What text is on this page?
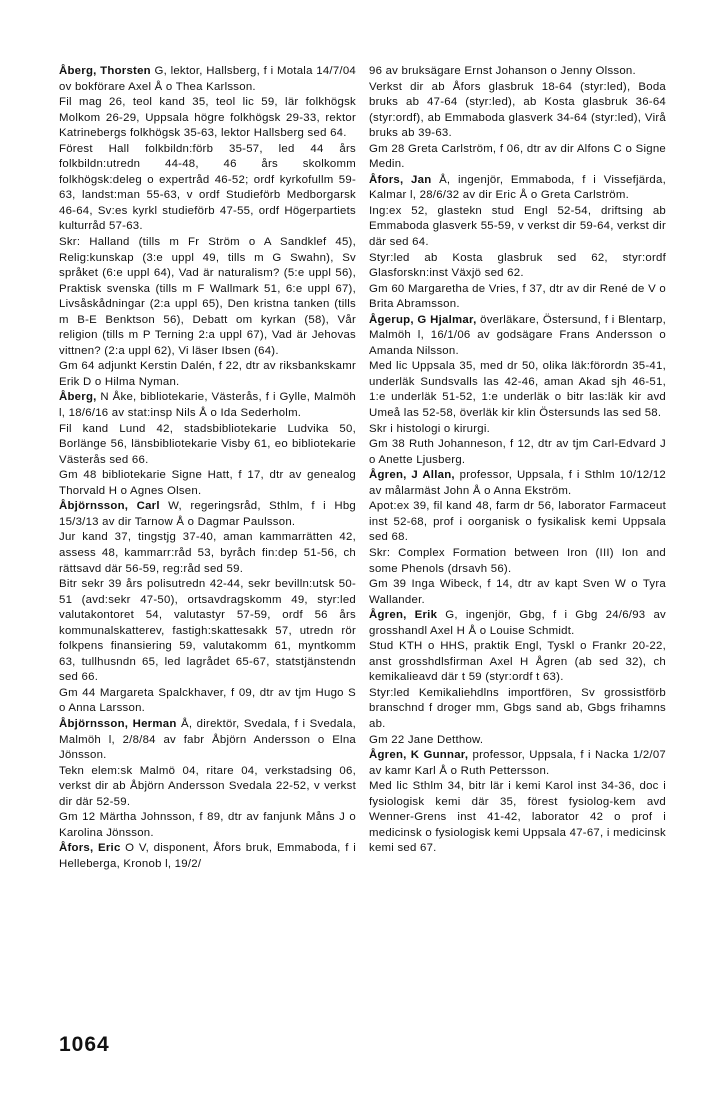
Åberg, Thorsten G, lektor, Hallsberg, f i Motala 14/7/04 ov bokförare Axel Å o Thea Karlsson.

Fil mag 26, teol kand 35, teol lic 59, lär folkhögsk Molkom 26-29, Uppsala högre folkhögsk 29-33, rektor Katrinebergs folkhögsk 35-63, lektor Hallsberg sed 64.

Förest Hall folkbildn:förb 35-57, led 44 års folkbildn:utredn 44-48, 46 års skolkomm folkhögsk:deleg o expertråd 46-52; ordf kyrkofullm 59-63, landst:man 55-63, v ordf Studieförb Medborgarsk 46-64, Sv:es kyrkl studieförb 47-55, ordf Högerpartiets kulturråd 57-63.

Skr: Halland (tills m Fr Ström o A Sandklef 45), Relig:kunskap (3:e uppl 49, tills m G Swahn), Sv språket (6:e uppl 64), Vad är naturalism? (5:e uppl 56), Praktisk svenska (tills m F Wallmark 51, 6:e uppl 67), Livsåskådningar (2:a uppl 65), Den kristna tanken (tills m B-E Benktson 56), Debatt om kyrkan (58), Vår religion (tills m P Terning 2:a uppl 67), Vad är Jehovas vittnen? (2:a uppl 62), Vi läser Ibsen (64).

Gm 64 adjunkt Kerstin Dalén, f 22, dtr av riksbankskamr Erik D o Hilma Nyman.

Åberg, N Åke, bibliotekarie, Västerås, f i Gylle, Malmöh l, 18/6/16 av stat:insp Nils Å o Ida Sederholm.

Fil kand Lund 42, stadsbibliotekarie Ludvika 50, Borlänge 56, länsbibliotekarie Visby 61, eo bibliotekarie Västerås sed 66.

Gm 48 bibliotekarie Signe Hatt, f 17, dtr av genealog Thorvald H o Agnes Olsen.

Åbjörnsson, Carl W, regeringsråd, Sthlm, f i Hbg 15/3/13 av dir Tarnow Å o Dagmar Paulsson.

Jur kand 37, tingstjg 37-40, aman kammarrätten 42, assess 48, kammarr:råd 53, byråch fin:dep 51-56, ch rättsavd där 56-59, reg:råd sed 59.

Bitr sekr 39 års polisutredn 42-44, sekr bevilln:utsk 50-51 (avd:sekr 47-50), ortsavdragskomm 49, styr:led valutakontoret 54, valutastyr 57-59, ordf 56 års kommunalskatterev, fastigh:skattesakk 57, utredn rör folkpens finansiering 59, valutakomm 61, myntkomm 63, tullhusndn 65, led lagrådet 65-67, statstjänstendn sed 66.

Gm 44 Margareta Spalckhaver, f 09, dtr av tjm Hugo S o Anna Larsson.

Åbjörnsson, Herman Å, direktör, Svedala, f i Svedala, Malmöh l, 2/8/84 av fabr Åbjörn Andersson o Elna Jönsson.

Tekn elem:sk Malmö 04, ritare 04, verkstadsing 06, verkst dir ab Åbjörn Andersson Svedala 22-52, v verkst dir där 52-59.

Gm 12 Märtha Johnsson, f 89, dtr av fanjunk Måns J o Karolina Jönsson.

Åfors, Eric O V, disponent, Åfors bruk, Emmaboda, f i Helleberga, Kronob l, 19/2/

96 av bruksägare Ernst Johanson o Jenny Olsson.

Verkst dir ab Åfors glasbruk 18-64 (styr:led), Boda bruks ab 47-64 (styr:led), ab Kosta glasbruk 36-64 (styr:ordf), ab Emmaboda glasverk 34-64 (styr:led), Virå bruks ab 39-63.

Gm 28 Greta Carlström, f 06, dtr av dir Alfons C o Signe Medin.

Åfors, Jan Å, ingenjör, Emmaboda, f i Vissefjärda, Kalmar l, 28/6/32 av dir Eric Å o Greta Carlström.

Ing:ex 52, glastekn stud Engl 52-54, driftsing ab Emmaboda glasverk 55-59, v verkst dir 59-64, verkst dir där sed 64.

Styr:led ab Kosta glasbruk sed 62, styr:ordf Glasforskn:inst Växjö sed 62.

Gm 60 Margaretha de Vries, f 37, dtr av dir René de V o Brita Abramsson.

Ågerup, G Hjalmar, överläkare, Östersund, f i Blentarp, Malmöh l, 16/1/06 av godsägare Frans Andersson o Amanda Nilsson.

Med lic Uppsala 35, med dr 50, olika läk:förordn 35-41, underläk Sundsvalls las 42-46, aman Akad sjh 46-51, 1:e underläk 51-52, 1:e underläk o bitr las:läk kir avd Umeå las 52-58, överläk kir klin Östersunds las sed 58.

Skr i histologi o kirurgi.

Gm 38 Ruth Johanneson, f 12, dtr av tjm Carl-Edvard J o Anette Ljusberg.

Ågren, J Allan, professor, Uppsala, f i Sthlm 10/12/12 av målarmäst John Å o Anna Ekström.

Apot:ex 39, fil kand 48, farm dr 56, laborator Farmaceut inst 52-68, prof i oorganisk o fysikalisk kemi Uppsala sed 68.

Skr: Complex Formation between Iron (III) Ion and some Phenols (drsavh 56).

Gm 39 Inga Wibeck, f 14, dtr av kapt Sven W o Tyra Wallander.

Ågren, Erik G, ingenjör, Gbg, f i Gbg 24/6/93 av grosshandl Axel H Å o Louise Schmidt.

Stud KTH o HHS, praktik Engl, Tyskl o Frankr 20-22, anst grosshdlsfirman Axel H Ågren (ab sed 32), ch kemikalieavd där t 59 (styr:ordf t 63).

Styr:led Kemikaliehdlns importfören, Sv grossistförb branschnd f droger mm, Gbgs sand ab, Gbgs frihamns ab.

Gm 22 Jane Detthow.

Ågren, K Gunnar, professor, Uppsala, f i Nacka 1/2/07 av kamr Karl Å o Ruth Pettersson.

Med lic Sthlm 34, bitr lär i kemi Karol inst 34-36, doc i fysiologisk kemi där 35, förest fysiolog-kem avd Wenner-Grens inst 41-42, laborator 42 o prof i medicinsk o fysiologisk kemi Uppsala 47-67, i medicinsk kemi sed 67.

1064
